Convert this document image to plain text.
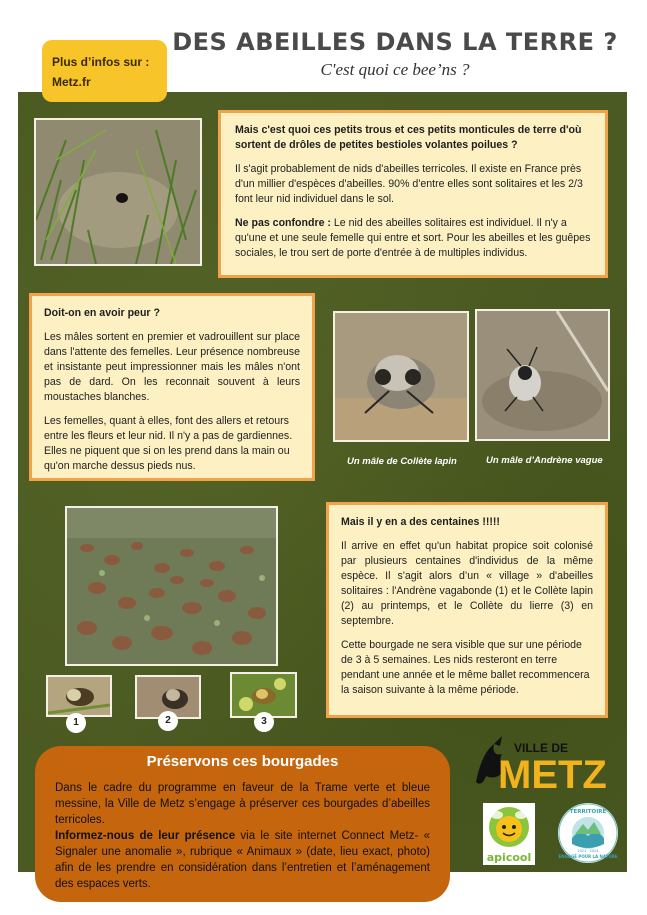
Plus d’infos sur :
Metz.fr
DES ABEILLES DANS LA TERRE ?
C'est quoi ce bee’ns ?

Mais c'est quoi ces petits trous et ces petits monticules de terre d'où sortent de drôles de petites bestioles volantes poilues ?

Il s'agit probablement de nids d'abeilles terricoles. Il existe en France près d'un millier d'espèces d'abeilles. 90% d'entre elles sont solitaires et les 2/3 font leur nid individuel dans le sol.

Ne pas confondre : Le nid des abeilles solitaires est individuel. Il n'y a qu'une et une seule femelle qui entre et sort. Pour les abeilles et les guêpes sociales, le trou sert de porte d'entrée à de multiples individus.

Doit-on en avoir peur ?

Les mâles sortent en premier et vadrouillent sur place dans l'attente des femelles. Leur présence nombreuse et insistante peut impressionner mais les mâles n'ont pas de dard. On les reconnait souvent à leurs moustaches blanches.

Les femelles, quant à elles, font des allers et retours entre les fleurs et leur nid. Il n'y a pas de gardiennes. Elles ne piquent que si on les prend dans la main ou qu'on marche dessus pieds nus.	Un mâle de Collète lapin	Un mâle d’Andrène vague
1	2	3

Mais il y en a des centaines !!!!!

Il arrive en effet qu'un habitat propice soit colonisé par plusieurs centaines d'individus de la même espèce. Il s'agit alors d’un « village » d'abeilles solitaires : l'Andrène vagabonde (1) et le Collète lapin (2) au printemps, et le Collète du lierre (3) en septembre.

Cette bourgade ne sera visible que sur une période de 3 à 5 semaines. Les nids resteront en terre pendant une année et le même ballet recommencera la saison suivante à la même période.

Préservons ces bourgades

Dans le cadre du programme en faveur de la Trame verte et bleue messine, la Ville de Metz s’engage à préserver ces bourgades d’abeilles terricoles.

Informez-nous de leur présence via le site internet Connect Metz- « Signaler une anomalie », rubrique « Animaux » (date, lieu exact, photo) afin de les prendre en considération dans l’entretien et l’aménagement des espaces verts.

VILLE DE
METZ
apicool
TERRITOIRE
ENGAGÉ POUR LA NATURE
2021 · 2024
